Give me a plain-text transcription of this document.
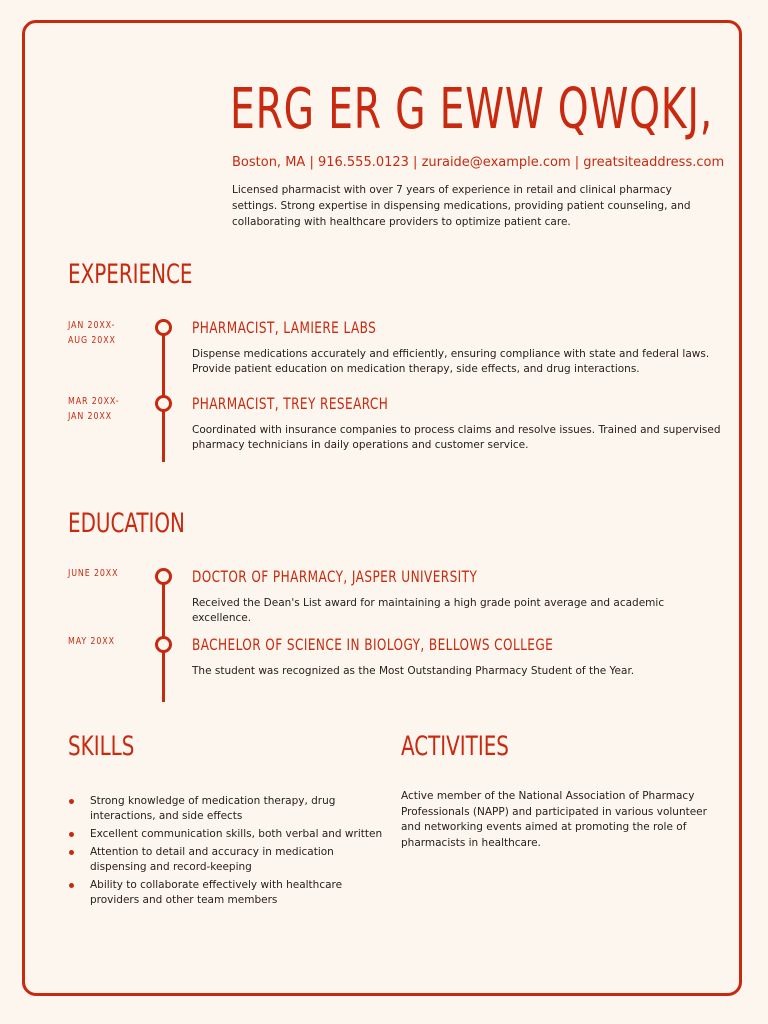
ERG ER G EWW QWQKJ,
Boston, MA | 916.555.0123 | zuraide@example.com | greatsiteaddress.com
Licensed pharmacist with over 7 years of experience in retail and clinical pharmacy settings. Strong expertise in dispensing medications, providing patient counseling, and collaborating with healthcare providers to optimize patient care.
EXPERIENCE
JAN 20XX- AUG 20XX
PHARMACIST, LAMIERE LABS
Dispense medications accurately and efficiently, ensuring compliance with state and federal laws. Provide patient education on medication therapy, side effects, and drug interactions.
MAR 20XX- JAN 20XX
PHARMACIST, TREY RESEARCH
Coordinated with insurance companies to process claims and resolve issues. Trained and supervised pharmacy technicians in daily operations and customer service.
EDUCATION
JUNE 20XX	DOCTOR OF PHARMACY, JASPER UNIVERSITY
Received the Dean's List award for maintaining a high grade point average and academic excellence.
MAY 20XX	BACHELOR OF SCIENCE IN BIOLOGY, BELLOWS COLLEGE
The student was recognized as the Most Outstanding Pharmacy Student of the Year.
SKILLS
Strong knowledge of medication therapy, drug interactions, and side effects
Excellent communication skills, both verbal and written
Attention to detail and accuracy in medication dispensing and record-keeping
Ability to collaborate effectively with healthcare providers and other team members
ACTIVITIES
Active member of the National Association of Pharmacy Professionals (NAPP) and participated in various volunteer and networking events aimed at promoting the role of pharmacists in healthcare.
